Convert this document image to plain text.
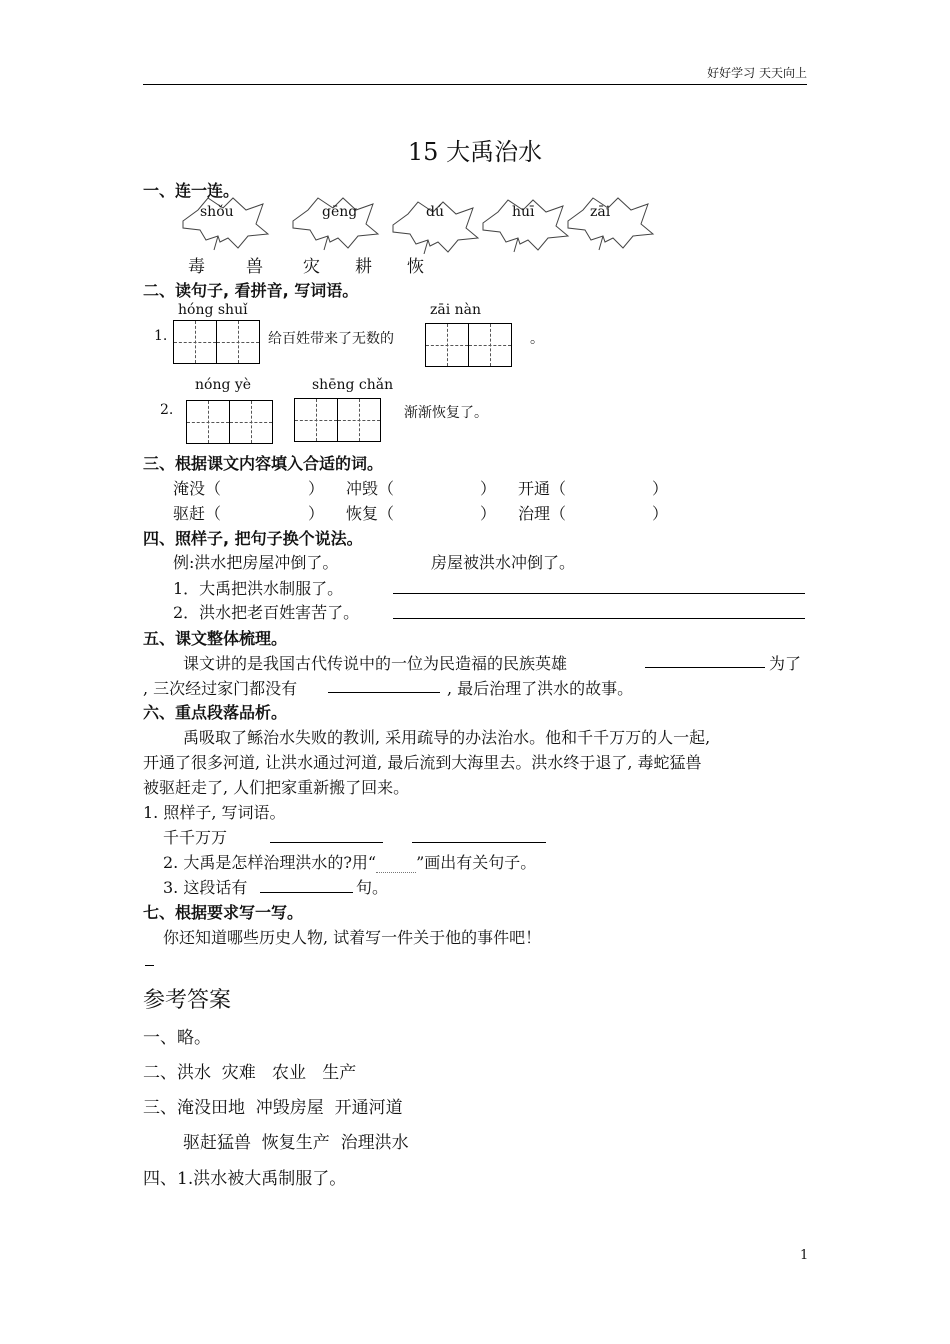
好好学习 天天向上
15 大禹治水
一、连一连。
shǒu	gēng	dú	huī	zāi
毒 兽 灾 耕 恢
二、读句子, 看拼音, 写词语。
hóng shuǐ
1.	给百姓带来了无数的
zāi nàn
。
nóng yè	shēng chǎn
2.	渐渐恢复了。
三、根据课文内容填入合适的词。
淹没（	） 冲毁（	） 开通（	）
驱赶（	） 恢复（	） 治理（	）
四、照样子, 把句子换个说法。
例:洪水把房屋冲倒了。	房屋被洪水冲倒了。
1．大禹把洪水制服了。
2．洪水把老百姓害苦了。
五、课文整体梳理。
课文讲的是我国古代传说中的一位为民造福的民族英雄	为了
, 三次经过家门都没有	, 最后治理了洪水的故事。
六、重点段落品析。
禹吸取了鲧治水失败的教训, 采用疏导的办法治水。他和千千万万的人一起,
开通了很多河道, 让洪水通过河道, 最后流到大海里去。洪水终于退了, 毒蛇猛兽
被驱赶走了, 人们把家重新搬了回来。
1. 照样子, 写词语。
千千万万
2. 大禹是怎样治理洪水的?用“	”画出有关句子。
3. 这段话有	句。
七、根据要求写一写。
你还知道哪些历史人物, 试着写一件关于他的事件吧！
参考答案
一、略。
二、洪水  灾难   农业   生产
三、淹没田地  冲毁房屋  开通河道
驱赶猛兽  恢复生产  治理洪水
四、1.洪水被大禹制服了。
1
